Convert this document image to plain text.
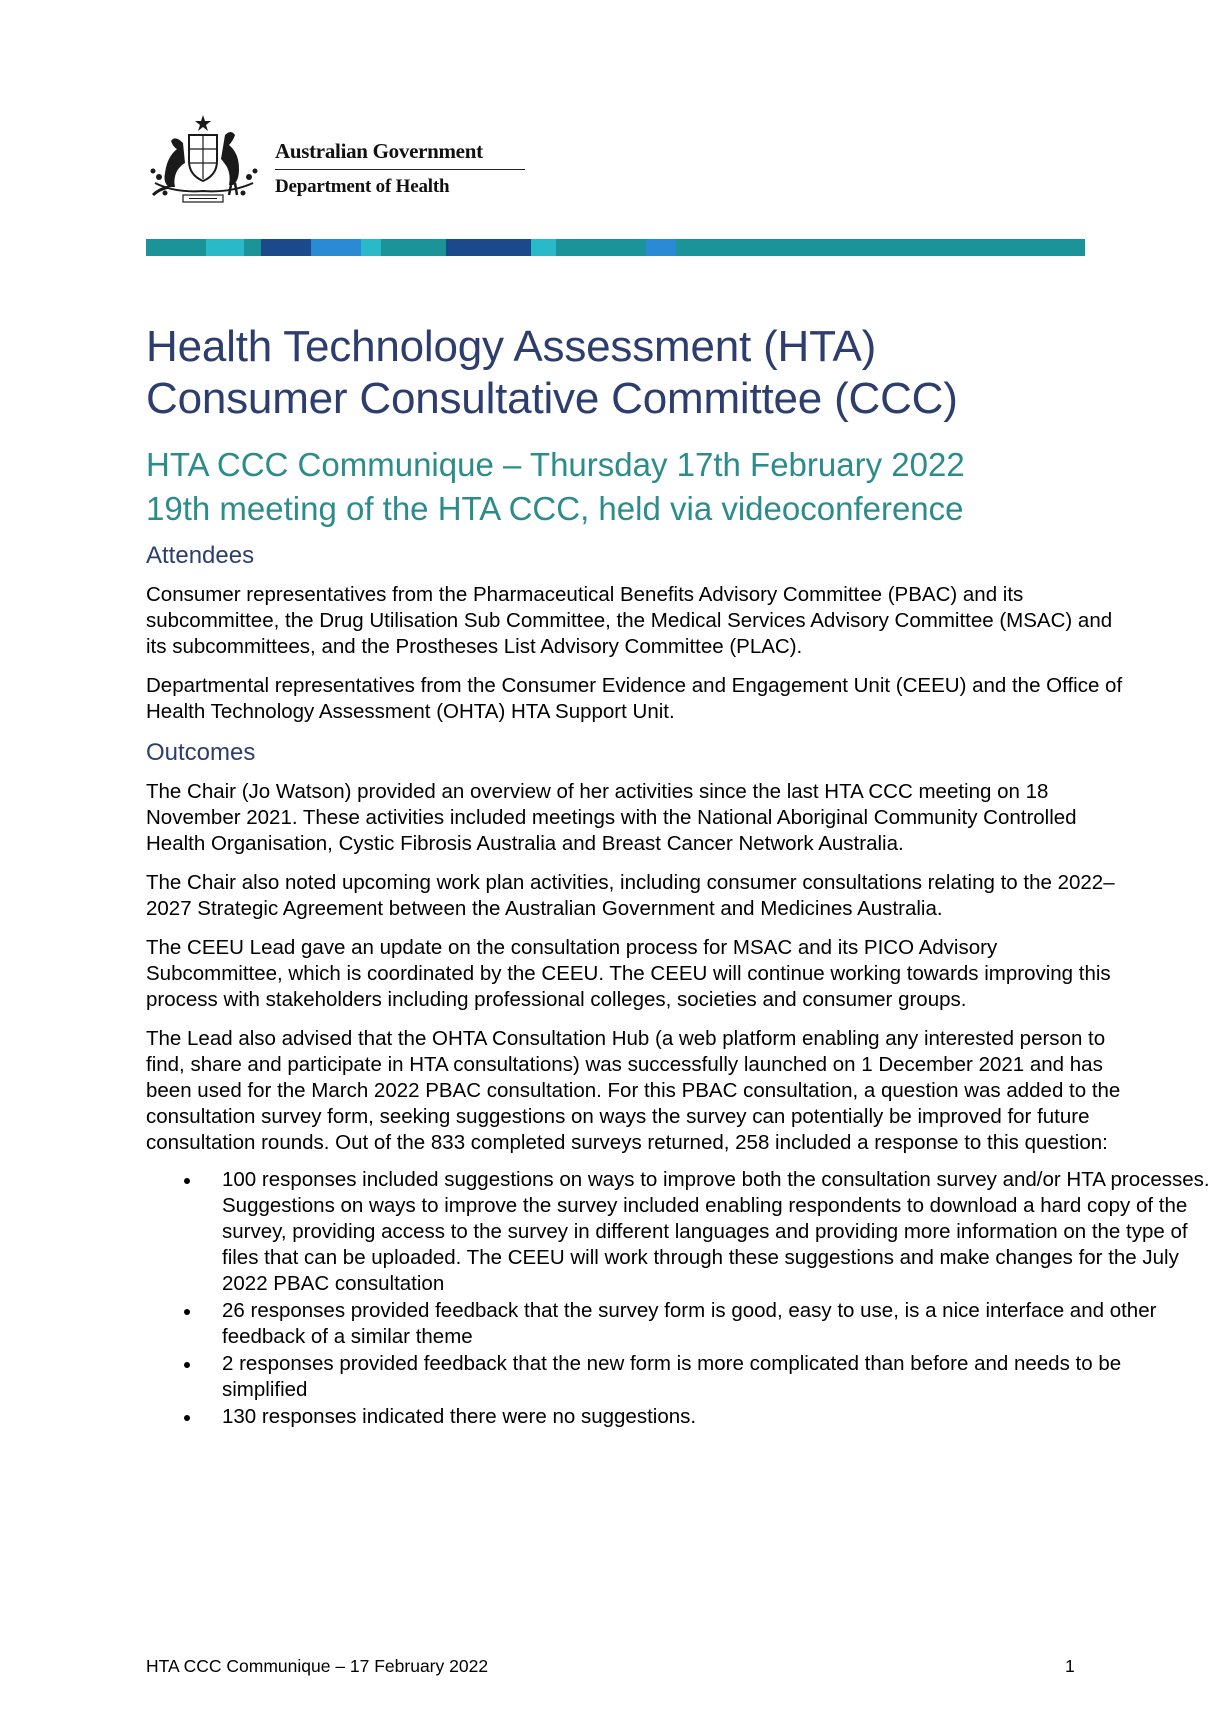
Australian Government
Department of Health
Health Technology Assessment (HTA)
Consumer Consultative Committee (CCC)
HTA CCC Communique – Thursday 17th February 2022
19th meeting of the HTA CCC, held via videoconference
Attendees

Consumer representatives from the Pharmaceutical Benefits Advisory Committee (PBAC) and its subcommittee, the Drug Utilisation Sub Committee, the Medical Services Advisory Committee (MSAC) and its subcommittees, and the Prostheses List Advisory Committee (PLAC).

Departmental representatives from the Consumer Evidence and Engagement Unit (CEEU) and the Office of Health Technology Assessment (OHTA) HTA Support Unit.

Outcomes

The Chair (Jo Watson) provided an overview of her activities since the last HTA CCC meeting on 18 November 2021. These activities included meetings with the National Aboriginal Community Controlled Health Organisation, Cystic Fibrosis Australia and Breast Cancer Network Australia.

The Chair also noted upcoming work plan activities, including consumer consultations relating to the 2022–2027 Strategic Agreement between the Australian Government and Medicines Australia.

The CEEU Lead gave an update on the consultation process for MSAC and its PICO Advisory Subcommittee, which is coordinated by the CEEU. The CEEU will continue working towards improving this process with stakeholders including professional colleges, societies and consumer groups.

The Lead also advised that the OHTA Consultation Hub (a web platform enabling any interested person to find, share and participate in HTA consultations) was successfully launched on 1 December 2021 and has been used for the March 2022 PBAC consultation. For this PBAC consultation, a question was added to the consultation survey form, seeking suggestions on ways the survey can potentially be improved for future consultation rounds. Out of the 833 completed surveys returned, 258 included a response to this question:

100 responses included suggestions on ways to improve both the consultation survey and/or HTA processes. Suggestions on ways to improve the survey included enabling respondents to download a hard copy of the survey, providing access to the survey in different languages and providing more information on the type of files that can be uploaded. The CEEU will work through these suggestions and make changes for the July 2022 PBAC consultation
26 responses provided feedback that the survey form is good, easy to use, is a nice interface and other feedback of a similar theme
2 responses provided feedback that the new form is more complicated than before and needs to be simplified
130 responses indicated there were no suggestions.
HTA CCC Communique – 17 February 2022	1
